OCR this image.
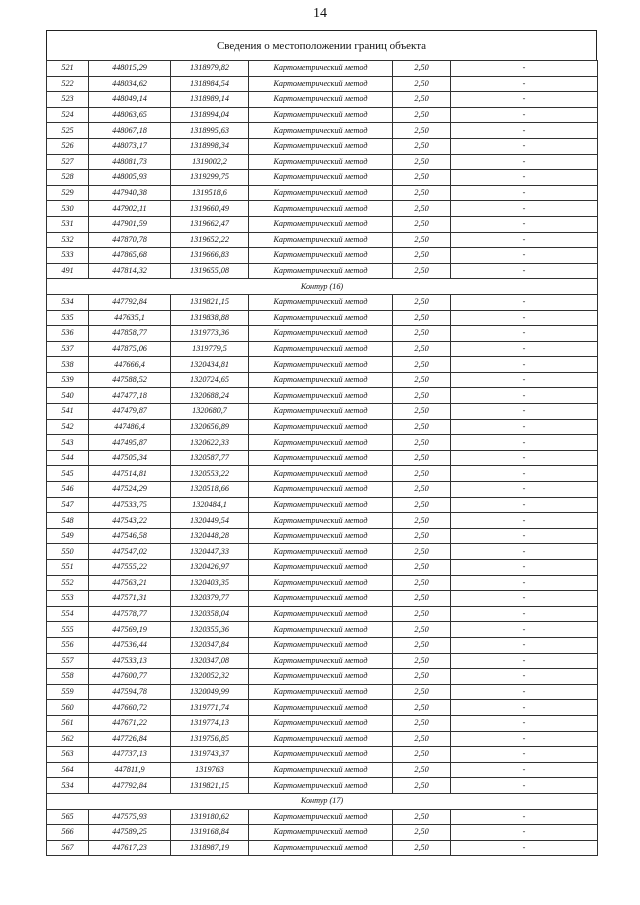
14
Сведения о местоположении границ объекта
521	448015,29	1318979,82	Картометрический метод	2,50	-
522	448034,62	1318984,54	Картометрический метод	2,50	-
523	448049,14	1318989,14	Картометрический метод	2,50	-
524	448063,65	1318994,04	Картометрический метод	2,50	-
525	448067,18	1318995,63	Картометрический метод	2,50	-
526	448073,17	1318998,34	Картометрический метод	2,50	-
527	448081,73	1319002,2	Картометрический метод	2,50	-
528	448005,93	1319299,75	Картометрический метод	2,50	-
529	447940,38	1319518,6	Картометрический метод	2,50	-
530	447902,11	1319660,49	Картометрический метод	2,50	-
531	447901,59	1319662,47	Картометрический метод	2,50	-
532	447870,78	1319652,22	Картометрический метод	2,50	-
533	447865,68	1319666,83	Картометрический метод	2,50	-
491	447814,32	1319655,08	Картометрический метод	2,50	-
Контур (16)					
534	447792,84	1319821,15	Картометрический метод	2,50	-
535	447635,1	1319838,88	Картометрический метод	2,50	-
536	447858,77	1319773,36	Картометрический метод	2,50	-
537	447875,06	1319779,5	Картометрический метод	2,50	-
538	447666,4	1320434,81	Картометрический метод	2,50	-
539	447588,52	1320724,65	Картометрический метод	2,50	-
540	447477,18	1320688,24	Картометрический метод	2,50	-
541	447479,87	1320680,7	Картометрический метод	2,50	-
542	447486,4	1320656,89	Картометрический метод	2,50	-
543	447495,87	1320622,33	Картометрический метод	2,50	-
544	447505,34	1320587,77	Картометрический метод	2,50	-
545	447514,81	1320553,22	Картометрический метод	2,50	-
546	447524,29	1320518,66	Картометрический метод	2,50	-
547	447533,75	1320484,1	Картометрический метод	2,50	-
548	447543,22	1320449,54	Картометрический метод	2,50	-
549	447546,58	1320448,28	Картометрический метод	2,50	-
550	447547,02	1320447,33	Картометрический метод	2,50	-
551	447555,22	1320426,97	Картометрический метод	2,50	-
552	447563,21	1320403,35	Картометрический метод	2,50	-
553	447571,31	1320379,77	Картометрический метод	2,50	-
554	447578,77	1320358,04	Картометрический метод	2,50	-
555	447569,19	1320355,36	Картометрический метод	2,50	-
556	447536,44	1320347,84	Картометрический метод	2,50	-
557	447533,13	1320347,08	Картометрический метод	2,50	-
558	447600,77	1320052,32	Картометрический метод	2,50	-
559	447594,78	1320049,99	Картометрический метод	2,50	-
560	447660,72	1319771,74	Картометрический метод	2,50	-
561	447671,22	1319774,13	Картометрический метод	2,50	-
562	447726,84	1319756,85	Картометрический метод	2,50	-
563	447737,13	1319743,37	Картометрический метод	2,50	-
564	447811,9	1319763	Картометрический метод	2,50	-
534	447792,84	1319821,15	Картометрический метод	2,50	-
Контур (17)					
565	447575,93	1319180,62	Картометрический метод	2,50	-
566	447589,25	1319168,84	Картометрический метод	2,50	-
567	447617,23	1318987,19	Картометрический метод	2,50	-
